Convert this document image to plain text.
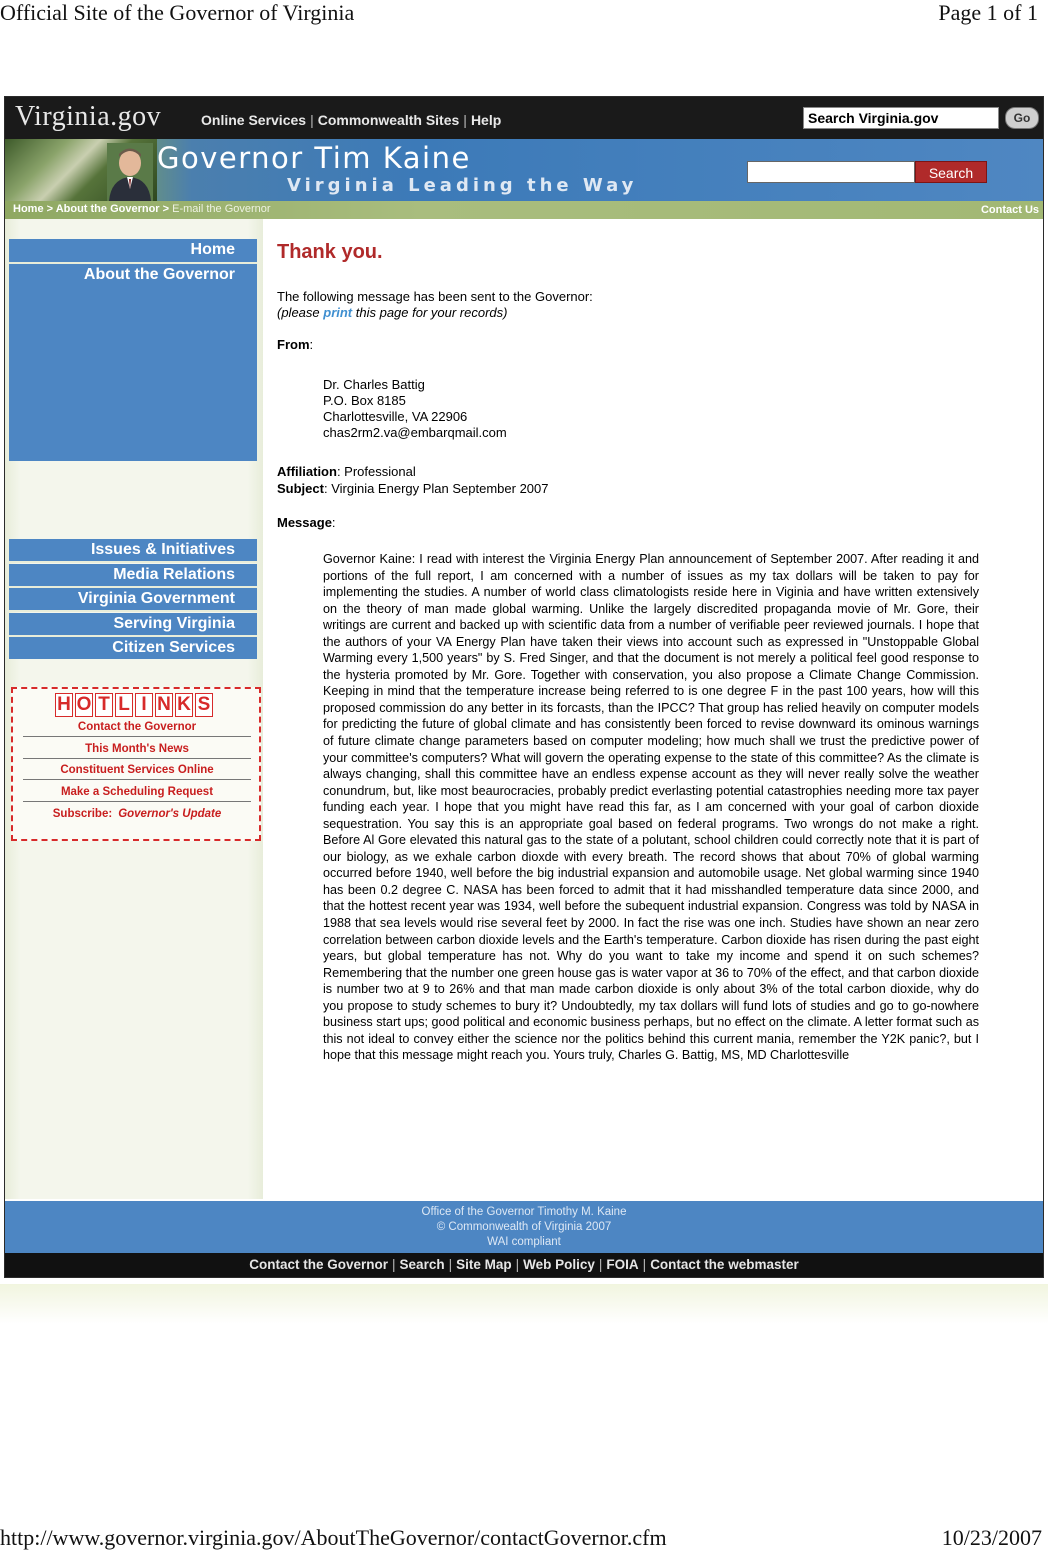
Official Site of the Governor of Virginia	Page 1 of 1
Virginia.gov	Online Services | Commonwealth Sites | Help	Search Virginia.gov	Go
Governor Tim Kaine
Virginia Leading the Way
Search
Home > About the Governor > E-mail the Governor	Contact Us
Home
About the Governor
Issues & Initiatives
Media Relations
Virginia Government
Serving Virginia
Citizen Services
H O T L I N K S
Contact the Governor
This Month's News
Constituent Services Online
Make a Scheduling Request
Subscribe: Governor's Update
Thank you.
The following message has been sent to the Governor:
(please print this page for your records)
From:
Dr. Charles Battig
P.O. Box 8185
Charlottesville, VA 22906
chas2rm2.va@embarqmail.com
Affiliation: Professional
Subject: Virginia Energy Plan September 2007
Message:
Governor Kaine: I read with interest the Virginia Energy Plan announcement of September 2007. After reading it and portions of the full report, I am concerned with a number of issues as my tax dollars will be taken to pay for implementing the studies. A number of world class climatologists reside here in Viginia and have written extensively on the theory of man made global warming. Unlike the largely discredited propaganda movie of Mr. Gore, their writings are current and backed up with scientific data from a number of verifiable peer reviewed journals. I hope that the authors of your VA Energy Plan have taken their views into account such as expressed in "Unstoppable Global Warming every 1,500 years" by S. Fred Singer, and that the document is not merely a political feel good response to the hysteria promoted by Mr. Gore. Together with conservation, you also propose a Climate Change Commission. Keeping in mind that the temperature increase being referred to is one degree F in the past 100 years, how will this proposed commission do any better in its forcasts, than the IPCC? That group has relied heavily on computer models for predicting the future of global climate and has consistently been forced to revise downward its ominous warnings of future climate change parameters based on computer modeling; how much shall we trust the predictive power of your committee's computers? What will govern the operating expense to the state of this committee? As the climate is always changing, shall this committee have an endless expense account as they will never really solve the weather conundrum, but, like most beaurocracies, probably predict everlasting potential catastrophies needing more tax payer funding each year. I hope that you might have read this far, as I am concerned with your goal of carbon dioxide sequestration. You say this is an appropriate goal based on federal programs. Two wrongs do not make a right. Before Al Gore elevated this natural gas to the state of a polutant, school children could correctly note that it is part of our biology, as we exhale carbon dioxde with every breath. The record shows that about 70% of global warming occurred before 1940, well before the big industrial expansion and automobile usage. Net global warming since 1940 has been 0.2 degree C. NASA has been forced to admit that it had misshandled temperature data since 2000, and that the hottest recent year was 1934, well before the subequent industrial expansion. Congress was told by NASA in 1988 that sea levels would rise several feet by 2000. In fact the rise was one inch. Studies have shown an near zero correlation between carbon dioxide levels and the Earth's temperature. Carbon dioxide has risen during the past eight years, but global temperature has not. Why do you want to take my income and spend it on such schemes? Remembering that the number one green house gas is water vapor at 36 to 70% of the effect, and that carbon dioxide is number two at 9 to 26% and that man made carbon dioxide is only about 3% of the total carbon dioxide, why do you propose to study schemes to bury it? Undoubtedly, my tax dollars will fund lots of studies and go to go-nowhere business start ups; good political and economic business perhaps, but no effect on the climate. A letter format such as this not ideal to convey either the science nor the politics behind this current mania, remember the Y2K panic?, but I hope that this message might reach you. Yours truly, Charles G. Battig, MS, MD Charlottesville
Office of the Governor Timothy M. Kaine
© Commonwealth of Virginia 2007
WAI compliant
Contact the Governor | Search | Site Map | Web Policy | FOIA | Contact the webmaster
http://www.governor.virginia.gov/AboutTheGovernor/contactGovernor.cfm	10/23/2007
